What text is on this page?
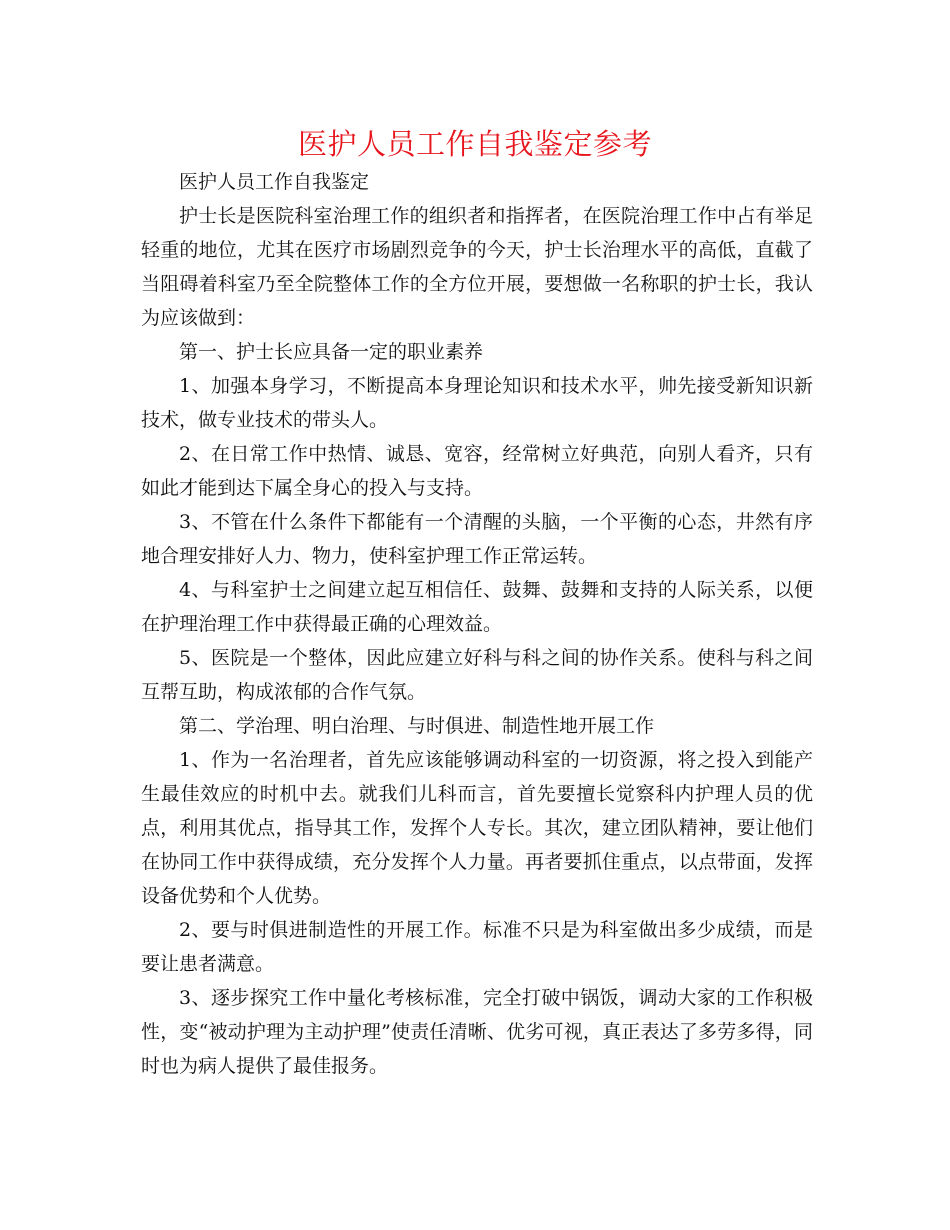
医护人员工作自我鉴定参考

医护人员工作自我鉴定

护士长是医院科室治理工作的组织者和指挥者，在医院治理工作中占有举足轻重的地位，尤其在医疗市场剧烈竞争的今天，护士长治理水平的高低，直截了当阻碍着科室乃至全院整体工作的全方位开展，要想做一名称职的护士长，我认为应该做到：

第一、护士长应具备一定的职业素养

1、加强本身学习，不断提高本身理论知识和技术水平，帅先接受新知识新技术，做专业技术的带头人。

2、在日常工作中热情、诚恳、宽容，经常树立好典范，向别人看齐，只有如此才能到达下属全身心的投入与支持。

3、不管在什么条件下都能有一个清醒的头脑，一个平衡的心态，井然有序地合理安排好人力、物力，使科室护理工作正常运转。

4、与科室护士之间建立起互相信任、鼓舞、鼓舞和支持的人际关系，以便在护理治理工作中获得最正确的心理效益。

5、医院是一个整体，因此应建立好科与科之间的协作关系。使科与科之间互帮互助，构成浓郁的合作气氛。

第二、学治理、明白治理、与时俱进、制造性地开展工作

1、作为一名治理者，首先应该能够调动科室的一切资源，将之投入到能产生最佳效应的时机中去。就我们儿科而言，首先要擅长觉察科内护理人员的优点，利用其优点，指导其工作，发挥个人专长。其次，建立团队精神，要让他们在协同工作中获得成绩，充分发挥个人力量。再者要抓住重点，以点带面，发挥设备优势和个人优势。

2、要与时俱进制造性的开展工作。标准不只是为科室做出多少成绩，而是要让患者满意。

3、逐步探究工作中量化考核标准，完全打破中锅饭，调动大家的工作积极性，变“被动护理为主动护理”使责任清晰、优劣可视，真正表达了多劳多得，同时也为病人提供了最佳报务。
